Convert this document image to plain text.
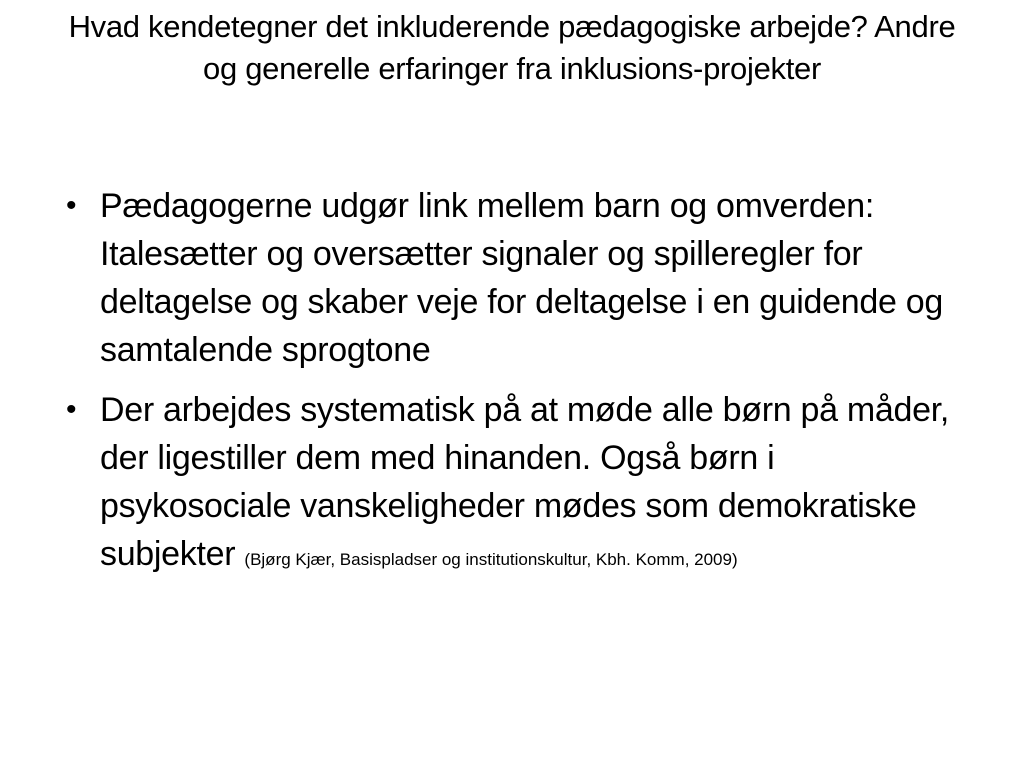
Hvad kendetegner det inkluderende pædagogiske arbejde? Andre og generelle erfaringer fra inklusions-projekter
• Pædagogerne udgør link mellem barn og omverden: Italesætter og oversætter signaler og spilleregler for deltagelse og skaber veje for deltagelse i en guidende og samtalende sprogtone
• Der arbejdes systematisk på at møde alle børn på måder, der ligestiller dem med hinanden. Også børn i psykosociale vanskeligheder mødes som demokratiske subjekter (Bjørg Kjær, Basispladser og institutionskultur, Kbh. Komm, 2009)
